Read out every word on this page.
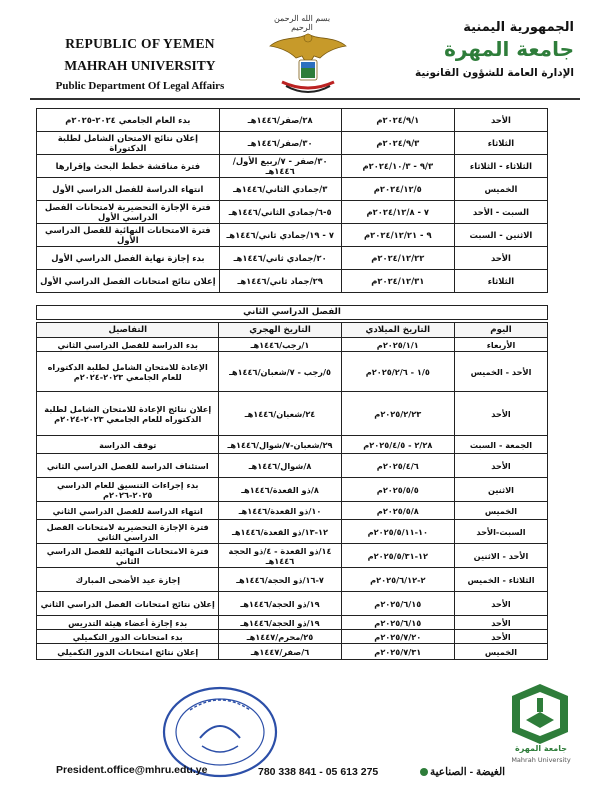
REPUBLIC OF YEMEN
MAHRAH UNIVERSITY
Public Department Of Legal Affairs
بسم الله الرحمن الرحيم	الجمهورية اليمنية
جامعة المهرة
الإدارة العامة للشؤون القانونية
الأحد	٢٠٢٤/٩/١م	٢٨/صفر/١٤٤٦هـ	بدء العام الجامعي ٢٠٢٤-٢٠٢٥م
الثلاثاء	٢٠٢٤/٩/٣م	٣٠/صفر/١٤٤٦هـ	إعلان نتائج الامتحان الشامل لطلبة الدكتوراة
الثلاثاء - الثلاثاء	٩/٣ - ٢٠٢٤/١٠/٣م	٣٠/صفر - ٧/ربيع الأول/١٤٤٦هـ	فترة مناقشة خطط البحث وإقرارها
الخميس	٢٠٢٤/١٢/٥م	٣/جمادي الثاني/١٤٤٦هـ	انتهاء الدراسة للفصل الدراسي الأول
السبت - الأحد	٧ - ٢٠٢٤/١٢/٨م	٥-٦/جمادي الثاني/١٤٤٦هـ	فترة الإجازة التحضيرية لامتحانات الفصل الدراسي الأول
الاثنين - السبت	٩ - ٢٠٢٤/١٢/٢١م	٧ - ١٩/جمادي ثاني/١٤٤٦هـ	فترة الامتحانات النهائية للفصل الدراسي الأول
الأحد	٢٠٢٤/١٢/٢٢م	٢٠/جمادي ثاني/١٤٤٦هـ	بدء إجازة نهاية الفصل الدراسي الأول
الثلاثاء	٢٠٢٤/١٢/٣١م	٢٩/جماد ثاني/١٤٤٦هـ	إعلان نتائج امتحانات الفصل الدراسي الأول
الفصل الدراسي الثاني
اليوم	التاريخ الميلادي	التاريخ الهجري	التفاصيل
الأربعاء	٢٠٢٥/١/١م	١/رجب/١٤٤٦هـ	بدء الدراسة للفصل الدراسي الثاني
الأحد - الخميس	١/٥ - ٢٠٢٥/٢/٦م	٥/رجب - ٧/شعبان/١٤٤٦هـ	الإعادة للامتحان الشامل لطلبة الدكتوراه للعام الجامعي ٢٠٢٣-٢٠٢٤م
الأحد	٢٠٢٥/٢/٢٣م	٢٤/شعبان/١٤٤٦هـ	إعلان نتائج الإعادة للامتحان الشامل لطلبة الدكتوراه للعام الجامعي ٢٠٢٣-٢٠٢٤م
الجمعة - السبت	٢/٢٨ - ٢٠٢٥/٤/٥م	٢٩/شعبان-٧/شوال/١٤٤٦هـ	توقف الدراسة
الأحد	٢٠٢٥/٤/٦م	٨/شوال/١٤٤٦هـ	استئناف الدراسة للفصل الدراسي الثاني
الاثنين	٢٠٢٥/٥/٥م	٨/ذو القعدة/١٤٤٦هـ	بدء إجراءات التنسيق للعام الدراسي ٢٠٢٥-٢٠٢٦م
الخميس	٢٠٢٥/٥/٨م	١٠/ذو القعدة/١٤٤٦هـ	انتهاء الدراسة للفصل الدراسي الثاني
السبت-الأحد	١٠-٢٠٢٥/٥/١١م	١٢-١٣/ذو القعدة/١٤٤٦هـ	فترة الإجازة التحضيرية لامتحانات الفصل الدراسي الثاني
الأحد - الاثنين	١٢-٢٠٢٥/٥/٣١م	١٤/ذو القعدة - ٤/ذو الحجة ١٤٤٦هـ	فترة الامتحانات النهائية للفصل الدراسي الثاني
الثلاثاء - الخميس	٢-٢٠٢٥/٦/١٢م	٧-١٦/ذو الحجة/١٤٤٦هـ	إجازة عيد الأضحى المبارك
الأحد	٢٠٢٥/٦/١٥م	١٩/ذو الحجة/١٤٤٦هـ	إعلان نتائج امتحانات الفصل الدراسي الثاني
الأحد	٢٠٢٥/٦/١٥م	١٩/ذو الحجة/١٤٤٦هـ	بدء إجازة أعضاء هيئة التدريس
الأحد	٢٠٢٥/٧/٢٠م	٢٥/محرم/١٤٤٧هـ	بدء امتحانات الدور التكميلي
الخميس	٢٠٢٥/٧/٣١م	٦/صفر/١٤٤٧هـ	إعلان نتائج امتحانات الدور التكميلي
جامعة المهرة
Mahrah University
President.office@mhru.edu.ye	780 338 841 - 05 613 275	الغيضة - الصناعية
